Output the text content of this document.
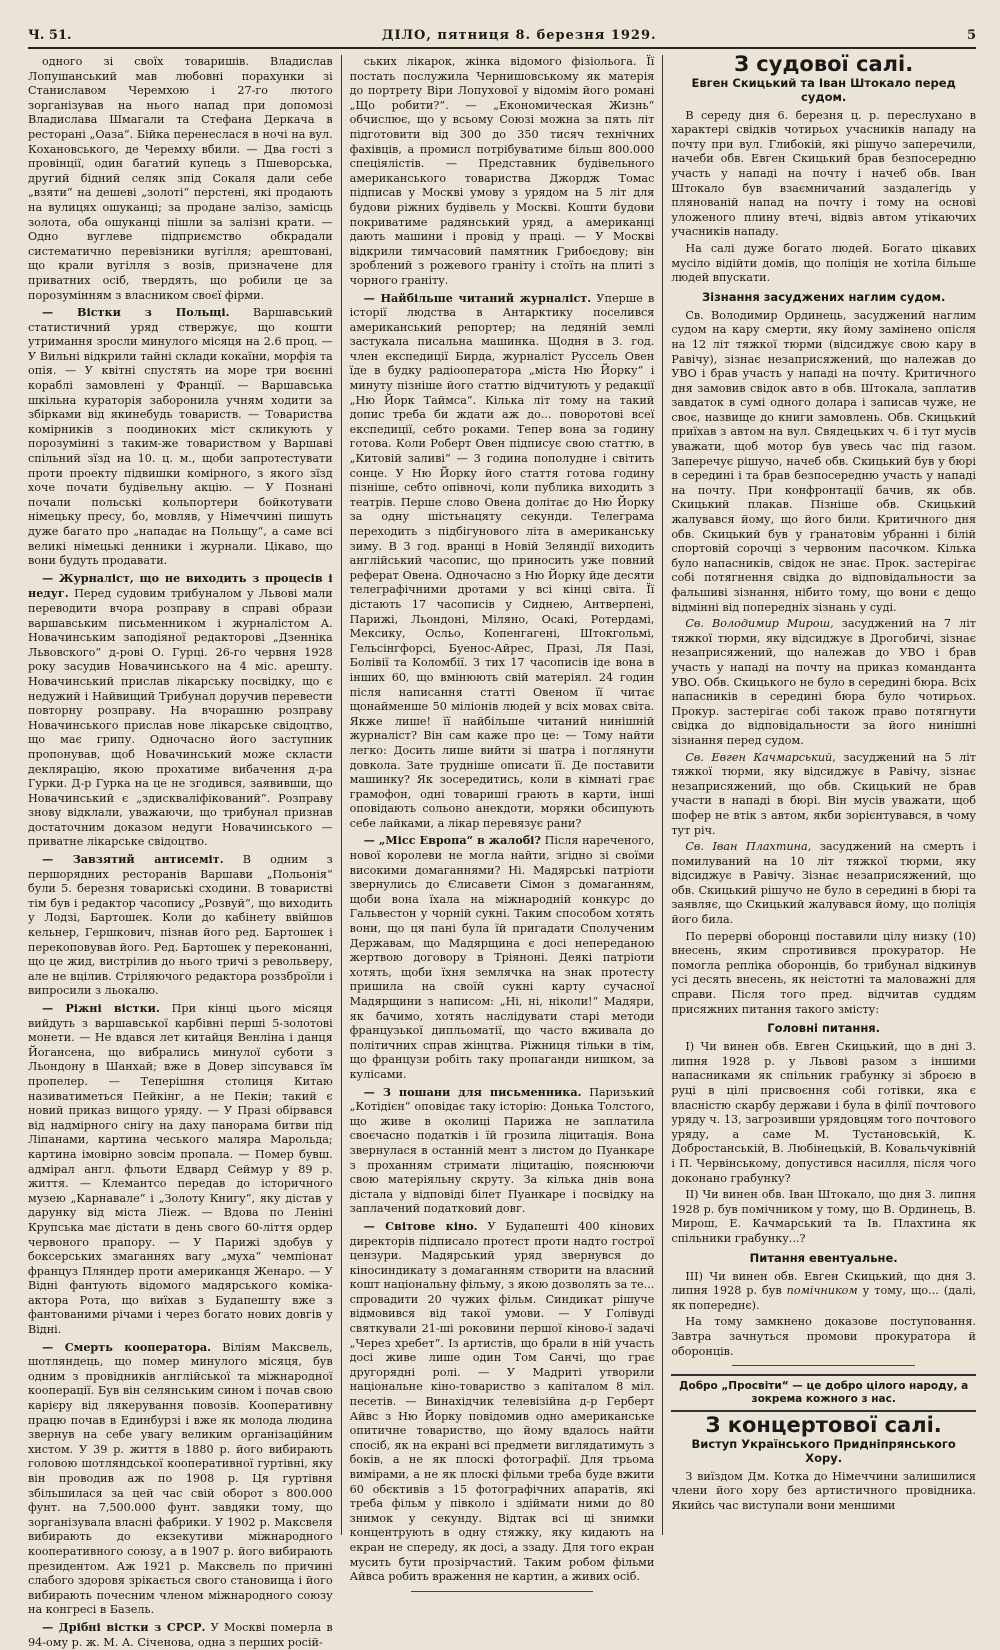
Ч. 51.	ДІЛО, пятниця 8. березня 1929.	5

одного зі своїх товаришів. Владислав Лопушанський мав любовні порахунки зі Станиславом Черемхою і 27-го лютого зорганізував на нього напад при допомозі Владислава Шмагали та Стефана Деркача в ресторані „Оаза“. Бійка перенеслася в ночі на вул. Кохановського, де Черемху вбили. — Два гості з провінції, один багатий купець з Пшеворська, другий бідний селяк зпід Сокаля дали себе „взяти“ на дешеві „золоті“ перстені, які продають на вулицях ошуканці; за продане залізо, замісць золота, оба ошуканці пішли за залізні крати. — Одно вуглеве підприємство обкрадали систематично перевізники вугілля; арештовані, що крали вугілля з возів, призначене для приватних осіб, твердять, що робили це за порозумінням з власником своєї фірми.

— Вістки з Польщі. Варшавський статистичний уряд ствержує, що кошти утримання зросли минулого місяця на 2.6 проц. — У Вильні відкрили тайні склади кокаїни, морфія та опія. — У квітні спустять на море три воєнні кораблі замовлені у Франції. — Варшавська шкільна кураторія заборонила учням ходити за збірками від якинебудь товариств. — Товариства комірників з поодиноких міст скликують у порозумінні з таким-же товариством у Варшаві спільний зїзд на 10. ц. м., щоби запротестувати проти проекту підвишки комірного, з якого зїзд хоче почати будівельну акцію. — У Познані почали польські кольпортери бойкотувати німецьку пресу, бо, мовляв, у Німеччині пишуть дуже багато про „нападає на Польщу“, а саме всі великі німецькі денники і журнали. Цікаво, що вони будуть продавати.

— Журналіст, що не виходить з процесів і недуг. Перед судовим трибуналом у Львові мали переводити вчора розправу в справі образи варшавським письменником і журналістом А. Новачинським заподіяної редакторові „Дзенніка Львовского“ д-рові О. Гурці. 26-го червня 1928 року засудив Новачинського на 4 міс. арешту. Новачинський прислав лікарську посвідку, що є недужий і Найвищий Трибунал доручив перевести повторну розправу. На вчорашню розправу Новачинського прислав нове лікарське свідоцтво, що має грипу. Одночасно його заступник пропонував, щоб Новачинський може скласти деклярацію, якою прохатиме вибачення д-ра Гурки. Д-р Гурка на це не згодився, заявивши, що Новачинський є „здискваліфікований“. Розправу знову відклали, уважаючи, що трибунал признав достаточним доказом недуги Новачинського — приватне лікарське свідоцтво.

— Завзятий антисеміт. В одним з першорядних ресторанів Варшави „Польонія“ були 5. березня товариські сходини. В товаристві тім був і редактор часопису „Розвуй“, що виходить у Лодзі, Бартошек. Коли до кабінету ввійшов кельнер, Гершкович, пізнав його ред. Бартошек і перекоповував його. Ред. Бартошек у переконанні, що це жид, вистрілив до нього тричі з револьверу, але не вцілив. Стріляючого редактора роззброїли і випросили з льокалю.

— Ріжні вістки. При кінці цього місяця вийдуть з варшавської карбівні перші 5-золотові монети. — Не вдався лет китайця Венліна і данця Йогансена, що вибрались минулої суботи з Льондону в Шанхай; вже в Довер зіпсувався їм пропелер. — Теперішня столиця Китаю називатиметься Пейкінг, а не Пекін; такий є новий приказ вищого уряду. — У Празі обірвався від надмірного снігу на даху панорама битви під Ліпанами, картина чеського маляра Марольда; картина імовірно зовсім пропала. — Помер бувш. адмірал англ. фльоти Едвард Сеймур у 89 р. життя. — Клемантсо передав до історичного музею „Карнавале“ і „Золоту Книгу“, яку дістав у дарунку від міста Ліеж. — Вдова по Леніні Крупська має дістати в день свого 60-ліття ордер червоного прапору. — У Парижі здобув у боксерських змаганнях вагу „муха“ чемпіонат француз Пляндер проти американця Женаро. — У Відні фантують відомого мадярського коміка-актора Рота, що виїхав з Будапешту вже з фантованими річами і через богато нових довгів у Відні.

— Смерть кооператора. Віліям Максвель, шотляндець, що помер минулого місяця, був одним з провідників англійської та міжнародної кооперації. Був він селянським сином і почав свою карієру від лякерування повозів. Кооперативну працю почав в Единбурзі і вже як молода людина звернув на себе увагу великим організаційним хистом. У 39 р. життя в 1880 р. його вибирають головою шотляндської кооперативної гуртівні, яку він проводив аж по 1908 р. Ця гуртівня збільшилася за цей час свій оборот з 800.000 фунт. на 7,500.000 фунт. завдяки тому, що зорганізувала власні фабрики. У 1902 р. Максвеля вибирають до екзекутиви міжнародного кооперативного союзу, а в 1907 р. його вибирають президентом. Аж 1921 р. Максвель по причині слабого здоровя зрікається свого становища і його вибирають почесним членом міжнародного союзу на конгресі в Базель.

— Дрібні вістки з СРСР. У Москві померла в 94-ому р. ж. М. А. Січенова, одна з перших росій-

ських лікарок, жінка відомого фізіольога. Її постать послужила Чернишовському як матерія до портрету Віри Лопухової у відомім його романі „Що робити?“. — „Економическая Жизнь“ обчислює, що у всьому Союзі можна за пять літ підготовити від 300 до 350 тисяч технічних фахівців, а промисл потрібуватиме більш 800.000 спеціялістів. — Представник будівельного американського товариства Джордж Томас підписав у Москві умову з урядом на 5 літ для будови ріжних будівель у Москві. Кошти будови покриватиме радянський уряд, а американці дають машини і провід у праці. — У Москві відкрили тимчасовий памятник Грибоєдову; він зроблений з рожевого граніту і стоїть на плиті з чорного граніту.

— Найбільше читаний журналіст. Уперше в історії людства в Антарктику поселився американський репортер; на ледяній землі застукала писальна машинка. Щодня в 3. год. член експедиції Бирда, журналіст Руссель Овен їде в будку радіооператора „міста Ню Йорку“ і минуту пізніше його статтю відчитують у редакції „Ню Йорк Таймса“. Кілька літ тому на такий допис треба би ждати аж до... поворотові всеї експедиції, себто роками. Тепер вона за годину готова. Коли Роберт Овен підписує свою статтю, в „Китовій заливі“ — 3 година пополудне і світить сонце. У Ню Йорку його стаття готова годину пізніше, себто опівночі, коли публика виходить з театрів. Перше слово Овена долітає до Ню Йорку за одну шістьнацяту секунди. Телеграма переходить з підбігунового літа в американську зиму. В 3 год. вранці в Новій Зеляндії виходить англійський часопис, що приносить уже повний реферат Овена. Одночасно з Ню Йорку йде десяти телеграфічними дротами у всі кінці світа. Її дістають 17 часописів у Сиднею, Антверпені, Парижі, Льондоні, Міляно, Осакі, Ротердамі, Мексику, Осльо, Копенгагені, Штокгольмі, Гельсінгфорсі, Буенос-Айрес, Празі, Ля Пазі, Болівії та Коломбії. З тих 17 часописів іде вона в інших 60, що вмінюють свій матеріял. 24 годин після написання статті Овеном її читає щонайменше 50 міліонів людей у всіх мовах світа. Якже лише! її найбільше читаний нинішній журналіст? Він сам каже про це: — Тому найти легко: Досить лише вийти зі шатра і поглянути довкола. Зате трудніше описати її. Де поставити машинку? Як зосередитись, коли в кімнаті грає грамофон, одні товариші грають в карти, інші оповідають сольоно анекдоти, моряки обсипують себе лайками, а лікар перевязує рани?

— „Місс Европа“ в жалобі? Після нареченого, нової королеви не могла найти, згідно зі своїми високими домаганнями? Ні. Мадярські патріоти звернулись до Єлисавети Сімон з домаганням, щоби вона їхала на міжнародній конкурс до Гальвестон у чорній сукні. Таким способом хотять вони, що ця пані була їй пригадати Сполученим Державам, що Мадярщина є досі непереданою жертвою договору в Тріяноні. Деякі патріоти хотять, щоби їхня землячка на знак протесту пришила на своїй сукні карту сучасної Мадярщини з написом: „Ні, ні, ніколи!“ Мадяри, як бачимо, хотять наслідувати старі методи французької дипльоматії, що часто вживала до політичних справ жінцтва. Ріжниця тільки в тім, що французи робіть таку пропаганди нишком, за кулісами.

— З пошани для письменника. Паризький „Котідієн“ оповідає таку історію: Донька Толстого, що живе в околиці Парижа не заплатила своєчасно податків і їй грозила ліцитація. Вона звернулася в останній мент з листом до Пуанкаре з проханням стримати ліцитацію, пояснюючи свою матеріяльну скруту. За кілька днів вона дістала у відповіді білет Пуанкаре і посвідку на заплачений податковий довг.

— Світове кіно. У Будапешті 400 кінових директорів підписало протест проти надто гострої цензури. Мадярський уряд звернувся до кіносиндикату з домаганням створити на власний кошт національну фільму, з якою дозволять за те... спровадити 20 чужих фільм. Синдикат рішуче відмовився від такої умови. — У Голівуді святкували 21-ші роковини першої кіново-ї задачі „Через хребет“. Із артистів, що брали в ній участь досі живе лише один Том Санчі, що грає другорядні ролі. — У Мадриті утворили національне кіно-товариство з капіталом 8 міл. песетів. — Винахідчик телевізійна д-р Герберт Айвс з Ню Йорку повідомив одно американське опитичне товариство, що йому вдалось найти спосіб, як на екрані всі предмети виглядатимуть з боків, а не як плоскі фотографії. Для трьома вимірами, а не як плоскі фільми треба буде вжити 60 обєктивів з 15 фотографічних апаратів, які треба фільм у півколо і здіймати ними до 80 знимок у секунду. Відтак всі ці знимки концентрують в одну стяжку, яку кидають на екран не спереду, як досі, а ззаду. Для того екран мусить бути прозірчастий. Таким робом фільми Айвса робить враження не картин, а живих осіб.

З судової салі.
Евген Скицький та Іван Штокало перед судом.

В середу дня 6. березня ц. р. переслухано в характері свідків чотирьох учасників нападу на почту при вул. Глибокій, які рішучо заперечили, начеби обв. Евген Скицький брав безпосередню участь у нападі на почту і начеб обв. Іван Штокало був взаємничаний заздалегідь у плянованій напад на почту і тому на основі уложеного плину втечі, відвіз автом утікаючих учасників нападу.

На салі дуже богато людей. Богато цікавих мусіло відійти домів, що поліція не хотіла більше людей впускати.

Зізнання засуджених наглим судом.

Св. Володимир Ординець, засуджений наглим судом на кару смерти, яку йому замінено опісля на 12 літ тяжкої тюрми (відсиджує свою кару в Равічу), зізнає незаприсяжений, що належав до УВО і брав участь у нападі на почту. Критичного дня замовив свідок авто в обв. Штокала, заплатив завдаток в сумі одного долара і записав чуже, не своє, назвище до книги замовлень. Обв. Скицький приїхав з автом на вул. Свядецьких ч. 6 і тут мусів уважати, щоб мотор був увесь час під газом. Заперечує рішучо, начеб обв. Скицький був у бюрі в середині і та брав безпосередню участь у нападі на почту. При конфронтації бачив, як обв. Скицький плакав. Пізніше обв. Скицький жалувався йому, що його били. Критичного дня обв. Скицький був у ґранатовім убранні і білій спортовій сорочці з червоним пасочком. Кілька було напасників, свідок не знає. Прок. застерігає собі потягнення свідка до відповідальности за фальшиві зізнання, нібито тому, що вони є дещо відмінні від попередніх зізнань у суді.

Св. Володимир Мирош, засуджений на 7 літ тяжкої тюрми, яку відсиджує в Дрогобичі, зізнає незаприсяжений, що належав до УВО і брав участь у нападі на почту на приказ команданта УВО. Обв. Скицького не було в середині бюра. Всіх напасників в середині бюра було чотирьох. Прокур. застерігає собі також право потягнути свідка до відповідальности за його нинішні зізнання перед судом.

Св. Евген Качмарський, засуджений на 5 літ тяжкої тюрми, яку відсиджує в Равічу, зізнає незаприсяжений, що обв. Скицький не брав участи в нападі в бюрі. Він мусів уважати, щоб шофер не втік з автом, якби зорієнтувався, в чому тут річ.

Св. Іван Плахтина, засуджений на смерть і помилуваний на 10 літ тяжкої тюрми, яку відсиджує в Равічу. Зізнає незаприсяжений, що обв. Скицький рішучо не було в середині в бюрі та заявляє, що Скицький жалувався йому, що поліція його била.

По перерві оборонці поставили цілу низку (10) внесень, яким спротивився прокуратор. Не помогла репліка оборонців, бо трибунал відкинув усі десять внесень, як неістотні та маловажні для справи. Після того пред. відчитав суддям присяжних питання такого змісту:

Головні питання.

І) Чи винен обв. Евген Скицький, що в дні 3. липня 1928 р. у Львові разом з іншими напасниками як спільник грабунку зі зброєю в руці в цілі присвоєння собі готівки, яка є власністю скарбу держави і була в філії почтового уряду ч. 13, загрозивши урядовцям того почтового уряду, а саме М. Тустановській, К. Добростанській, В. Любінецькій, В. Ковальчуківній і П. Червінському, допустився насилля, після чого доконано грабунку?

ІІ) Чи винен обв. Іван Штокало, що дня 3. липня 1928 р. був помічником у тому, що В. Ординець, В. Мирош, Е. Качмарський та Ів. Плахтина як спільники грабунку...?

Питання евентуальне.

ІІІ) Чи винен обв. Евген Скицький, що дня 3. липня 1928 р. був помічником у тому, що... (далі, як попереднє).

На тому замкнено доказове поступовання. Завтра зачнуться промови прокуратора й оборонців.

Добро „Просвіти“ — це добро цілого народу, а зокрема кожного з нас.
З концертової салі.
Виступ Українського Придніпрянського Хору.

З виїздом Дм. Котка до Німеччини залишилися члени його хору без артистичного провідника. Якийсь час виступали вони меншими
